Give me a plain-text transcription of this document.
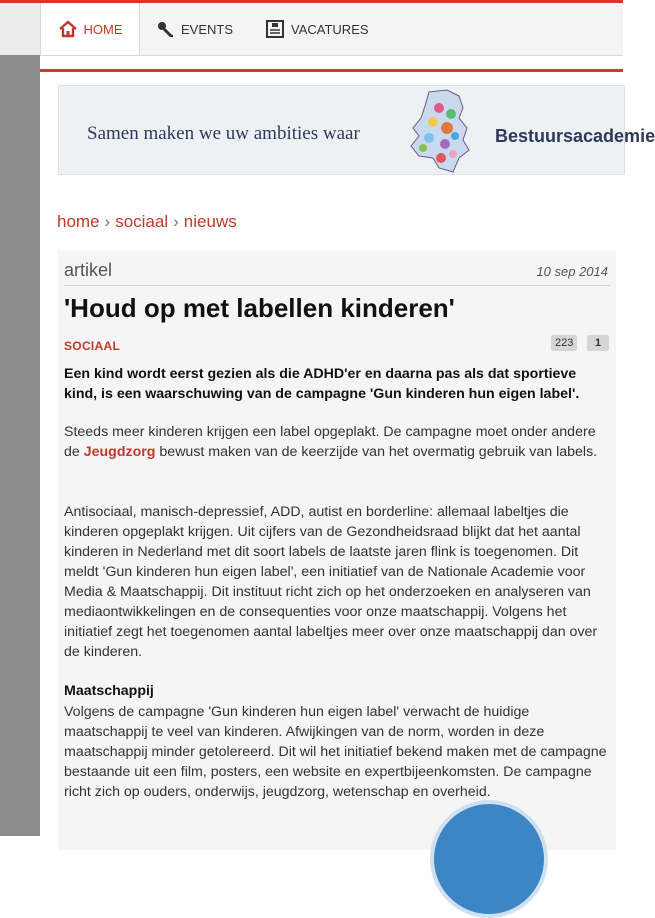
HOME	EVENTS	VACATURES
Samen maken we uw ambities waar	Bestuursacademie
home › sociaal › nieuws
artikel	10 sep 2014
'Houd op met labellen kinderen'
SOCIAAL	223	1
Een kind wordt eerst gezien als die ADHD'er en daarna pas als dat sportieve kind, is een waarschuwing van de campagne 'Gun kinderen hun eigen label'.
Steeds meer kinderen krijgen een label opgeplakt. De campagne moet onder andere de Jeugdzorg bewust maken van de keerzijde van het overmatig gebruik van labels.
Antisociaal, manisch-depressief, ADD, autist en borderline: allemaal labeltjes die kinderen opgeplakt krijgen. Uit cijfers van de Gezondheidsraad blijkt dat het aantal kinderen in Nederland met dit soort labels de laatste jaren flink is toegenomen. Dit meldt 'Gun kinderen hun eigen label', een initiatief van de Nationale Academie voor Media & Maatschappij. Dit instituut richt zich op het onderzoeken en analyseren van mediaontwikkelingen en de consequenties voor onze maatschappij. Volgens het initiatief zegt het toegenomen aantal labeltjes meer over onze maatschappij dan over de kinderen.
Maatschappij
Volgens de campagne 'Gun kinderen hun eigen label' verwacht de huidige maatschappij te veel van kinderen. Afwijkingen van de norm, worden in deze maatschappij minder getolereerd. Dit wil het initiatief bekend maken met de campagne bestaande uit een film, posters, een website en expertbijeenkomsten. De campagne richt zich op ouders, onderwijs, jeugdzorg, wetenschap en overheid.
